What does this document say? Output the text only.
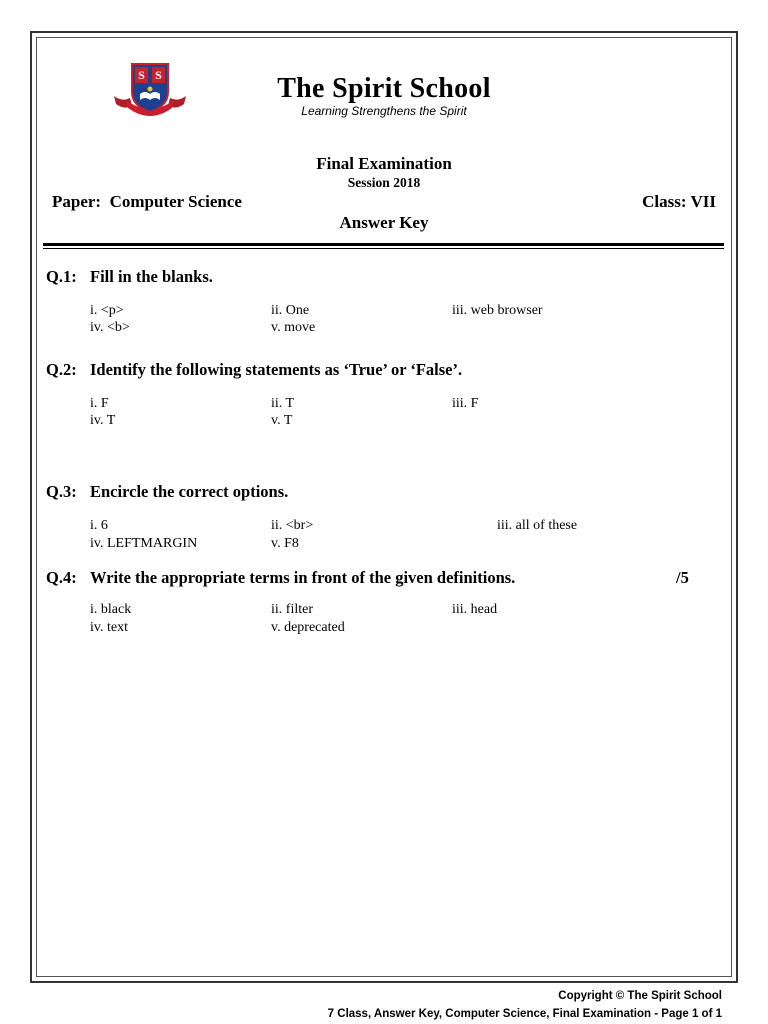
S S	The Spirit School
Learning Strengthens the Spirit
Final Examination
Session 2018
Paper:  Computer Science	Class: VII
Answer Key
Q.1: Fill in the blanks.
i. <p>	ii. One	iii. web browser
iv. <b>	v. move
Q.2: Identify the following statements as ‘True’ or ‘False’.
i. F	ii. T	iii. F
iv. T	v. T
Q.3: Encircle the correct options.
i. 6	ii. <br>	iii. all of these
iv. LEFTMARGIN	v. F8
Q.4: Write the appropriate terms in front of the given definitions.	/5
i. black	ii. filter	iii. head
iv. text	v. deprecated
Copyright © The Spirit School
7 Class, Answer Key, Computer Science, Final Examination - Page 1 of 1
